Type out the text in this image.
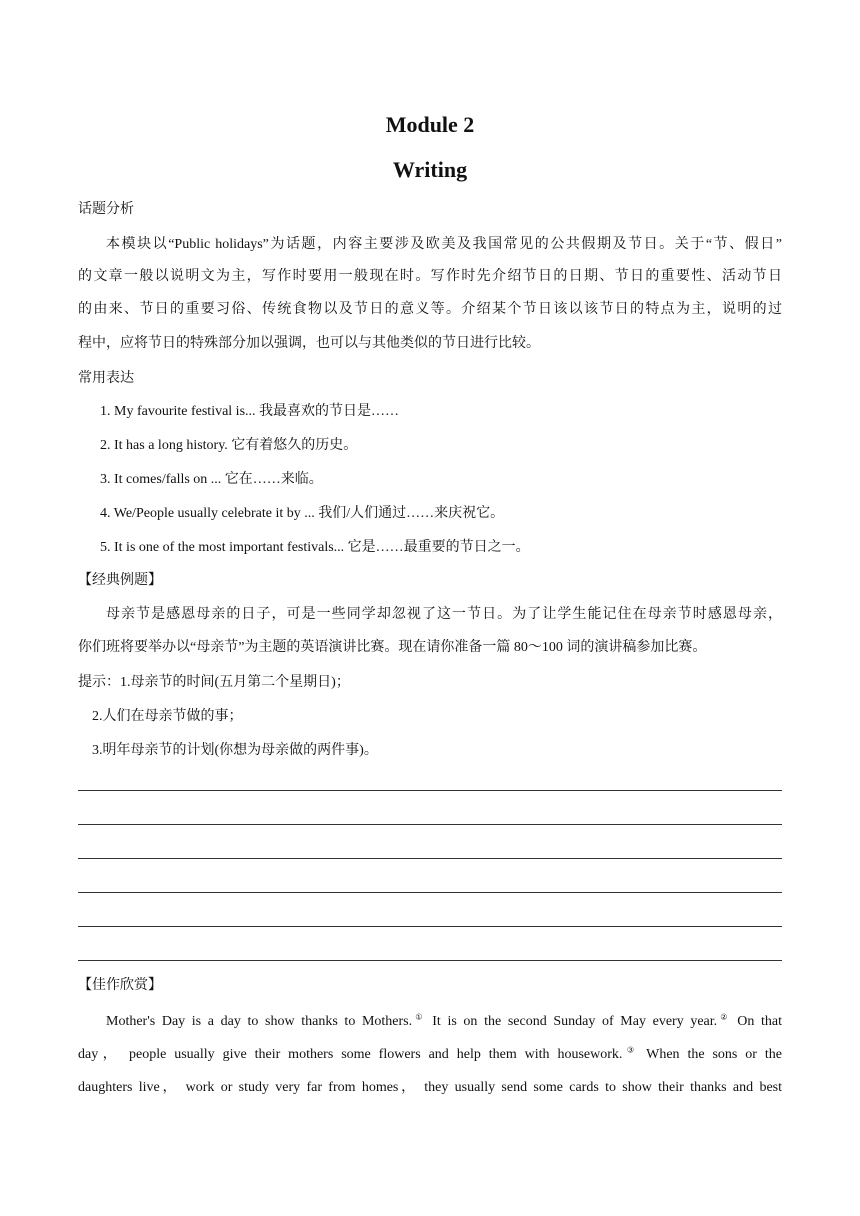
Module 2
Writing
话题分析
本模块以“Public holidays”为话题，内容主要涉及欧美及我国常见的公共假期及节日。关于“节、假日”
的文章一般以说明文为主，写作时要用一般现在时。写作时先介绍节日的日期、节日的重要性、活动节日
的由来、节日的重要习俗、传统食物以及节日的意义等。介绍某个节日该以该节日的特点为主，说明的过
程中，应将节日的特殊部分加以强调，也可以与其他类似的节日进行比较。
常用表达
1. My favourite festival is... 我最喜欢的节日是……
2. It has a long history. 它有着悠久的历史。
3. It comes/falls on ... 它在……来临。
4. We/People usually celebrate it by ... 我们/人们通过……来庆祝它。
5. It is one of the most important festivals... 它是……最重要的节日之一。
【经典例题】
母亲节是感恩母亲的日子，可是一些同学却忽视了这一节日。为了让学生能记住在母亲节时感恩母亲，
你们班将要举办以“母亲节”为主题的英语演讲比赛。现在请你准备一篇 80～100 词的演讲稿参加比赛。
提示：1.母亲节的时间(五月第二个星期日)；
2.人们在母亲节做的事；
3.明年母亲节的计划(你想为母亲做的两件事)。
【佳作欣赏】
Mother's Day is a day to show thanks to Mothers.① It is on the second Sunday of May every year.② On that
day， people usually give their mothers some flowers and help them with housework.③ When the sons or the
daughters live， work or study very far from homes， they usually send some cards to show their thanks and best
